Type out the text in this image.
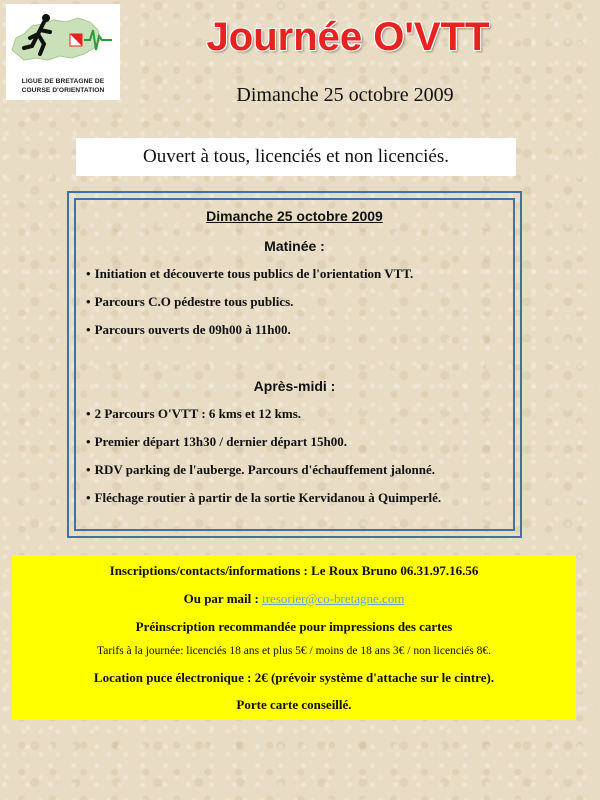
LIGUE DE BRETAGNE DE
COURSE D'ORIENTATION
Journée O'VTT
Dimanche 25 octobre 2009
Ouvert à tous, licenciés et non licenciés.
Dimanche 25 octobre 2009
Matinée :
• Initiation et découverte tous publics de l'orientation VTT.
• Parcours C.O pédestre tous publics.
• Parcours ouverts de 09h00 à 11h00.
Après-midi :
• 2 Parcours O'VTT : 6 kms et 12 kms.
• Premier départ 13h30 / dernier départ 15h00.
• RDV parking de l'auberge. Parcours d'échauffement jalonné.
• Fléchage routier à partir de la sortie Kervidanou à Quimperlé.
Inscriptions/contacts/informations : Le Roux Bruno 06.31.97.16.56
Ou par mail : tresorier@co-bretagne.com
Préinscription recommandée pour impressions des cartes
Tarifs à la journée: licenciés 18 ans et plus 5€ / moins de 18 ans 3€ / non licenciés 8€.
Location puce électronique : 2€ (prévoir système d'attache sur le cintre).
Porte carte conseillé.
